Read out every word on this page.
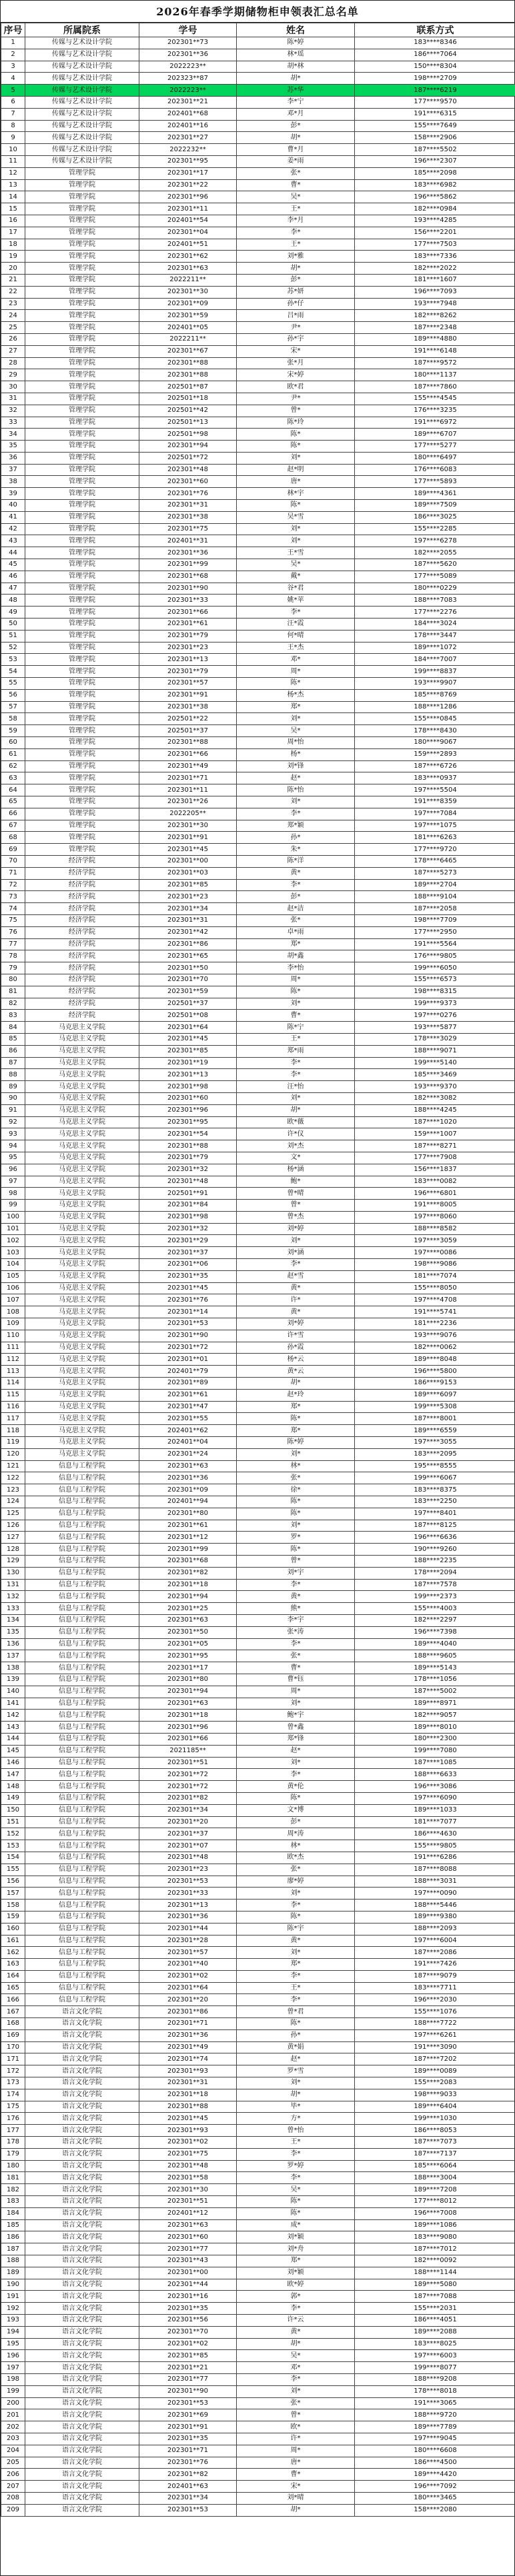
2026年春季学期储物柜申领表汇总名单
序号	所属院系	学号	姓名	联系方式
1	传媒与艺术设计学院	202301**73	陈*婷	183****8346
2	传媒与艺术设计学院	202301**36	林*瑶	186****7064
3	传媒与艺术设计学院	2022223**	胡*林	150****8304
4	传媒与艺术设计学院	202323**87	胡*	198****2709
5	传媒与艺术设计学院	2022223**	苏*华	187****6219
6	传媒与艺术设计学院	202301**21	李*宁	177****9570
7	传媒与艺术设计学院	202401**68	邓*月	191****6315
8	传媒与艺术设计学院	202401**16	彭*	155****7649
9	传媒与艺术设计学院	202301**27	胡*	158****2906
10	传媒与艺术设计学院	2022232**	曹*月	187****5502
11	传媒与艺术设计学院	202301**95	姜*雨	196****2307
12	管理学院	202301**17	张*	185****2098
13	管理学院	202301**22	曹*	183****6982
14	管理学院	202301**96	吴*	196****5862
15	管理学院	202301**11	王*	182****0984
16	管理学院	202401**54	李*月	193****4285
17	管理学院	202301**04	李*	156****2201
18	管理学院	202401**51	王*	177****7503
19	管理学院	202301**62	刘*雅	183****7336
20	管理学院	202301**63	胡*	182****2022
21	管理学院	2022211**	彭*	181****1607
22	管理学院	202301**30	苏*妍	196****7093
23	管理学院	202301**09	孙*仔	193****7948
24	管理学院	202301**59	吕*雨	182****8262
25	管理学院	202401**05	尹*	187****2348
26	管理学院	2022211**	孙*宇	189****4880
27	管理学院	202301**67	宋*	191****6148
28	管理学院	202301**88	张*月	187****9572
29	管理学院	202301**88	宋*婷	180****1137
30	管理学院	202501**87	欧*君	187****7860
31	管理学院	202501**18	尹*	155****4545
32	管理学院	202501**42	曾*	176****3235
33	管理学院	202501**13	陈*玲	191****6972
34	管理学院	202501**98	陈*	189****6707
35	管理学院	202301**94	陈*	177****5277
36	管理学院	202501**72	刘*	180****6497
37	管理学院	202301**48	赵*明	176****6083
38	管理学院	202301**60	唐*	177****5893
39	管理学院	202301**76	林*宇	189****4361
40	管理学院	202301**31	陈*	189****7509
41	管理学院	202301**38	吴*雪	186****3025
42	管理学院	202301**75	刘*	155****2285
43	管理学院	202401**31	刘*	197****6278
44	管理学院	202301**36	王*雪	182****2055
45	管理学院	202301**99	吴*	187****5620
46	管理学院	202301**68	戴*	177****5089
47	管理学院	202301**90	谷*君	180****0229
48	管理学院	202301**33	姚*苹	188****7083
49	管理学院	202301**66	李*	177****2276
50	管理学院	202301**61	汪*霞	184****3024
51	管理学院	202301**79	何*晴	178****3447
52	管理学院	202301**23	王*杰	189****1072
53	管理学院	202301**13	邓*	184****7007
54	管理学院	202301**79	周*	199****8837
55	管理学院	202301**57	陈*	193****9907
56	管理学院	202301**91	杨*杰	185****8769
57	管理学院	202301**38	郑*	188****1286
58	管理学院	202501**22	刘*	155****0845
59	管理学院	202501**37	吴*	178****8430
60	管理学院	202301**88	周*怡	180****9067
61	管理学院	202301**66	杨*	159****2893
62	管理学院	202301**49	刘*锋	187****6726
63	管理学院	202301**71	赵*	183****0937
64	管理学院	202301**11	陈*怡	197****5504
65	管理学院	202301**26	刘*	191****8359
66	管理学院	2022205**	李*	197****7084
67	管理学院	202301**30	郑*颖	197****1075
68	管理学院	202301**91	孙*	181****6263
69	管理学院	202301**45	朱*	177****9720
70	经济学院	202301**00	陈*洋	178****6465
71	经济学院	202301**03	黄*	187****5273
72	经济学院	202301**85	李*	189****2704
73	经济学院	202301**23	彭*	188****9104
74	经济学院	202301**34	赵*洁	187****2058
75	经济学院	202301**31	张*	198****7709
76	经济学院	202301**42	卓*雨	177****2950
77	经济学院	202301**86	郑*	191****5564
78	经济学院	202301**65	胡*鑫	176****9805
79	经济学院	202301**50	李*怡	199****6050
80	经济学院	202301**70	周*	155****6573
81	经济学院	202301**59	陈*	198****8315
82	经济学院	202501**37	刘*	199****9373
83	经济学院	202501**08	曹*	197****0276
84	马克思主义学院	202301**64	陈*宁	193****5877
85	马克思主义学院	202301**45	王*	178****3029
86	马克思主义学院	202301**85	郑*雨	188****9071
87	马克思主义学院	202301**19	李*	199****5140
88	马克思主义学院	202301**13	李*	185****3469
89	马克思主义学院	202301**98	汪*怡	193****9370
90	马克思主义学院	202301**60	刘*	182****3082
91	马克思主义学院	202301**96	胡*	188****4245
92	马克思主义学院	202301**95	欧*薇	187****1020
93	马克思主义学院	202301**54	许*仪	159****1007
94	马克思主义学院	202301**88	刘*杰	187****8271
95	马克思主义学院	202301**79	文*	177****7908
96	马克思主义学院	202301**32	杨*涵	156****1837
97	马克思主义学院	202301**48	鲍*	183****0082
98	马克思主义学院	202501**91	曾*晴	196****6801
99	马克思主义学院	202301**84	曾*	191****8005
100	马克思主义学院	202301**98	曾*杰	197****8060
101	马克思主义学院	202301**32	刘*婷	188****8582
102	马克思主义学院	202301**29	刘*	197****3059
103	马克思主义学院	202301**37	刘*涵	197****0086
104	马克思主义学院	202301**06	李*	198****9086
105	马克思主义学院	202301**35	赵*雪	181****7074
106	马克思主义学院	202301**45	黄*	155****8050
107	马克思主义学院	202301**76	许*	197****4708
108	马克思主义学院	202301**14	黄*	191****5741
109	马克思主义学院	202301**53	刘*婷	181****2236
110	马克思主义学院	202301**90	许*雪	193****9076
111	马克思主义学院	202301**72	孙*霞	182****0062
112	马克思主义学院	202301**01	杨*云	189****8048
113	马克思主义学院	202401**79	黄*云	196****5800
114	马克思主义学院	202301**89	胡*	186****9153
115	马克思主义学院	202301**61	赵*玲	189****6097
116	马克思主义学院	202301**47	郑*	199****5308
117	马克思主义学院	202301**55	陈*	187****8001
118	马克思主义学院	202401**62	郑*	189****6559
119	马克思主义学院	202401**04	陈*婷	197****3055
120	马克思主义学院	202301**24	刘*	183****2095
121	信息与工程学院	202301**63	林*	195****8555
122	信息与工程学院	202301**36	张*	199****6067
123	信息与工程学院	202301**09	徐*	183****8375
124	信息与工程学院	202401**94	陈*	183****2250
125	信息与工程学院	202301**80	陈*	197****8401
126	信息与工程学院	202301**61	刘*	187****8125
127	信息与工程学院	202301**12	罗*	196****6636
128	信息与工程学院	202301**99	陈*	190****9260
129	信息与工程学院	202301**68	曾*	188****2235
130	信息与工程学院	202301**82	刘*宇	178****2094
131	信息与工程学院	202301**18	李*	187****7578
132	信息与工程学院	202301**94	黄*	199****2373
133	信息与工程学院	202301**25	熊*	155****4003
134	信息与工程学院	202301**63	李*宇	182****2297
135	信息与工程学院	202301**50	张*涛	196****7398
136	信息与工程学院	202301**05	李*	189****4040
137	信息与工程学院	202301**95	张*	188****9605
138	信息与工程学院	202301**17	曹*	189****5143
139	信息与工程学院	202301**80	曹*钰	178****1056
140	信息与工程学院	202301**94	周*	187****5002
141	信息与工程学院	202301**63	刘*	189****8971
142	信息与工程学院	202301**18	鲍*宇	182****9057
143	信息与工程学院	202301**96	曾*鑫	189****8010
144	信息与工程学院	202301**66	郑*锋	180****2300
145	信息与工程学院	2021185**	赵*	199****7080
146	信息与工程学院	202301**51	刘*	187****1085
147	信息与工程学院	202301**72	李*	188****6633
148	信息与工程学院	202301**72	黄*伦	196****3086
149	信息与工程学院	202301**82	陈*	197****6090
150	信息与工程学院	202301**34	文*博	189****1033
151	信息与工程学院	202301**20	彭*	181****7077
152	信息与工程学院	202301**37	周*涛	186****4630
153	信息与工程学院	202301**07	林*	155****9805
154	信息与工程学院	202301**48	欧*杰	191****6286
155	信息与工程学院	202301**23	张*	187****8088
156	信息与工程学院	202301**53	廖*婷	188****3031
157	信息与工程学院	202301**33	刘*	197****0090
158	信息与工程学院	202301**13	李*	188****5446
159	信息与工程学院	202301**36	陈*	189****9380
160	信息与工程学院	202301**44	陈*宇	188****2093
161	信息与工程学院	202301**28	黄*	197****6004
162	信息与工程学院	202301**57	刘*	187****2086
163	信息与工程学院	202301**40	郑*	191****7426
164	信息与工程学院	202301**02	李*	187****9079
165	信息与工程学院	202301**64	王*	183****7711
166	信息与工程学院	202301**20	李*	196****2030
167	语言文化学院	202301**86	曾*君	155****1076
168	语言文化学院	202301**71	陈*	188****7722
169	语言文化学院	202301**36	孙*	197****6261
170	语言文化学院	202301**49	黄*娟	191****3090
171	语言文化学院	202301**74	赵*	187****7202
172	语言文化学院	202301**93	罗*雪	189****0089
173	语言文化学院	202301**31	刘*	155****2083
174	语言文化学院	202301**18	胡*	198****9033
175	语言文化学院	202301**88	毕*	189****6404
176	语言文化学院	202301**45	方*	199****1030
177	语言文化学院	202301**93	曾*怡	186****8053
178	语言文化学院	202301**02	王*	187****7073
179	语言文化学院	202301**75	李*	187****7137
180	语言文化学院	202301**48	罗*婷	185****6064
181	语言文化学院	202301**58	李*	188****3004
182	语言文化学院	202301**30	吴*	189****7208
183	语言文化学院	202301**51	陈*	177****8012
184	语言文化学院	202401**12	陈*	196****7008
185	语言文化学院	202301**63	成*	189****1086
186	语言文化学院	202301**60	刘*颖	183****9080
187	语言文化学院	202301**77	刘*舟	187****7012
188	语言文化学院	202301**43	郑*	182****0092
189	语言文化学院	202301**00	刘*颖	188****1144
190	语言文化学院	202301**44	欧*婷	189****5080
191	语言文化学院	202301**16	郭*	187****7088
192	语言文化学院	202301**35	李*	155****2031
193	语言文化学院	202301**56	许*云	186****4051
194	语言文化学院	202301**70	黄*	189****2088
195	语言文化学院	202301**02	胡*	183****8025
196	语言文化学院	202301**85	吴*	197****6003
197	语言文化学院	202301**21	邓*	199****8077
198	语言文化学院	202301**77	李*	188****9208
199	语言文化学院	202301**90	刘*	178****8018
200	语言文化学院	202301**53	张*	191****3065
201	语言文化学院	202301**69	曾*	188****9720
202	语言文化学院	202301**91	欧*	189****7789
203	语言文化学院	202301**35	许*	197****9045
204	语言文化学院	202301**71	周*	180****6608
205	语言文化学院	202301**76	唐*	186****4500
206	语言文化学院	202301**82	曹*	189****4420
207	语言文化学院	202401**63	宋*	196****7092
208	语言文化学院	202301**34	刘*晴	180****3465
209	语言文化学院	202301**53	胡*	158****2080
